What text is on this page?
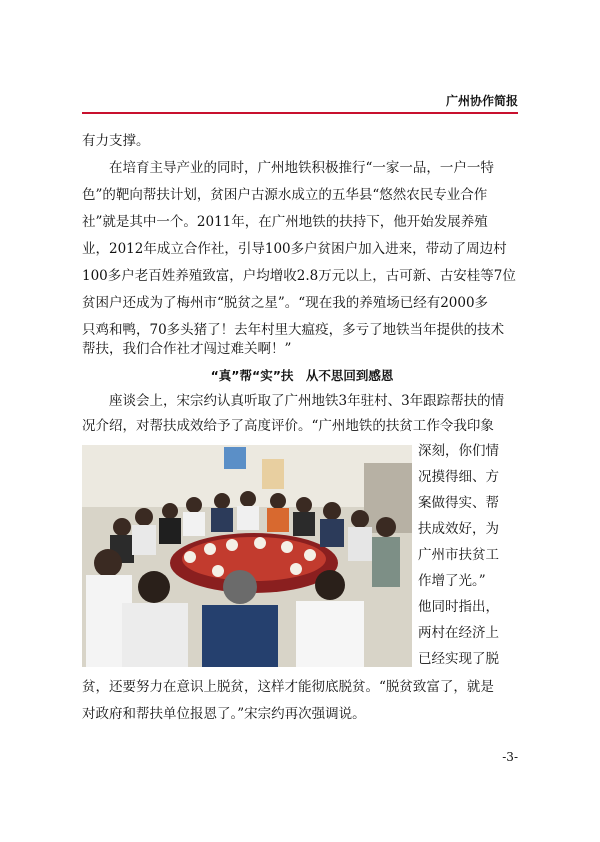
广州协作简报
有力支撑。
　　在培育主导产业的同时，广州地铁积极推行“一家一品，一户一特
色”的靶向帮扶计划，贫困户古源水成立的五华县“悠然农民专业合作
社”就是其中一个。2011年，在广州地铁的扶持下，他开始发展养殖
业，2012年成立合作社，引导100多户贫困户加入进来，带动了周边村
100多户老百姓养殖致富，户均增收2.8万元以上，古可新、古安桂等7位
贫困户还成为了梅州市“脱贫之星”。“现在我的养殖场已经有2000多
只鸡和鸭，70多头猪了！去年村里大瘟疫，多亏了地铁当年提供的技术
帮扶，我们合作社才闯过难关啊！”
“真”帮“实”扶　从不思回到感恩
　　座谈会上，宋宗约认真听取了广州地铁3年驻村、3年跟踪帮扶的情
况介绍，对帮扶成效给予了高度评价。“广州地铁的扶贫工作令我印象
深刻，你们情
况摸得细、方
案做得实、帮
扶成效好，为
广州市扶贫工
作增了光。”
他同时指出，
两村在经济上
已经实现了脱
贫，还要努力在意识上脱贫，这样才能彻底脱贫。“脱贫致富了，就是
对政府和帮扶单位报恩了。”宋宗约再次强调说。
-3-
